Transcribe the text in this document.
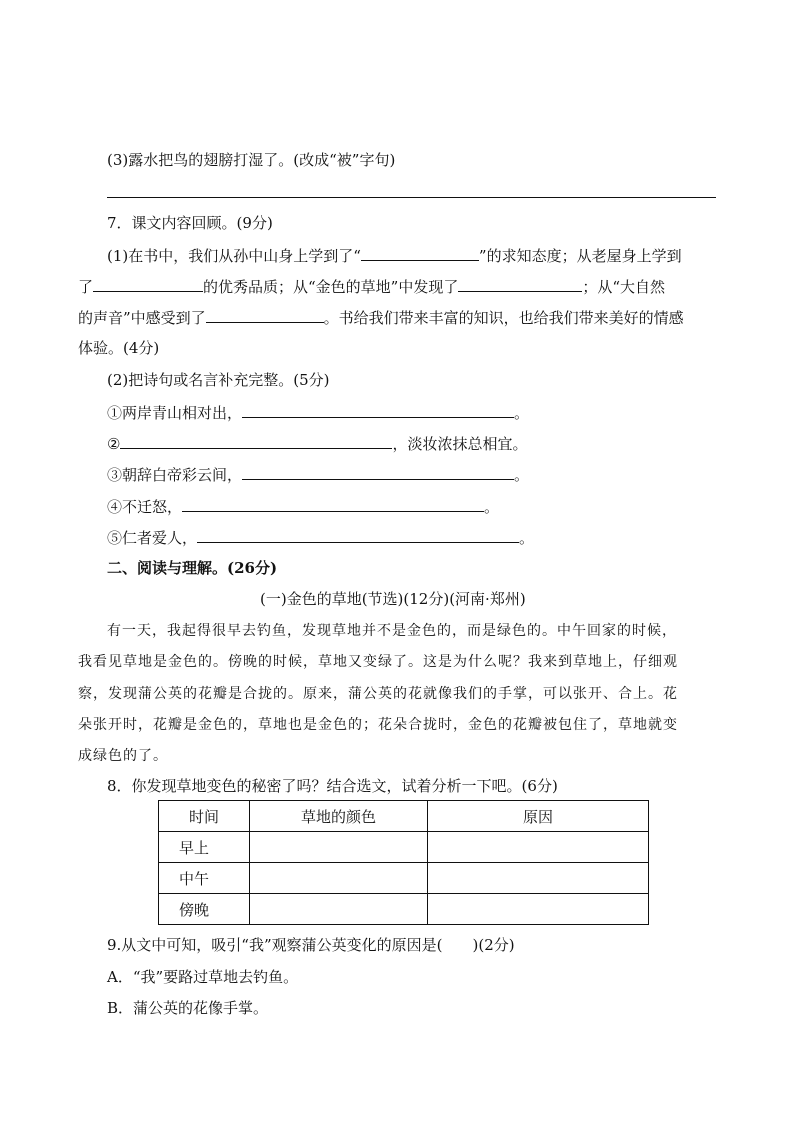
(3)露水把鸟的翅膀打湿了。(改成“被”字句)
7．课文内容回顾。(9分)
(1)在书中，我们从孙中山身上学到了“	”的求知态度；从老屋身上学到
了	的优秀品质；从“金色的草地”中发现了	；从“大自然
的声音”中感受到了	。书给我们带来丰富的知识，也给我们带来美好的情感
体验。(4分)
(2)把诗句或名言补充完整。(5分)
①两岸青山相对出，	。
②	，淡妆浓抹总相宜。
③朝辞白帝彩云间，	。
④不迁怒，	。
⑤仁者爱人，	。
二、阅读与理解。(26分)
(一)金色的草地(节选)(12分)(河南·郑州)
有一天，我起得很早去钓鱼，发现草地并不是金色的，而是绿色的。中午回家的时候，
我看见草地是金色的。傍晚的时候，草地又变绿了。这是为什么呢？我来到草地上，仔细观
察，发现蒲公英的花瓣是合拢的。原来，蒲公英的花就像我们的手掌，可以张开、合上。花
朵张开时，花瓣是金色的，草地也是金色的；花朵合拢时，金色的花瓣被包住了，草地就变
成绿色的了。
8．你发现草地变色的秘密了吗？结合选文，试着分析一下吧。(6分)
时间	草地的颜色	原因
早上		
中午		
傍晚		
9.从文中可知，吸引“我”观察蒲公英变化的原因是(　　)(2分)
A．“我”要路过草地去钓鱼。
B．蒲公英的花像手掌。
